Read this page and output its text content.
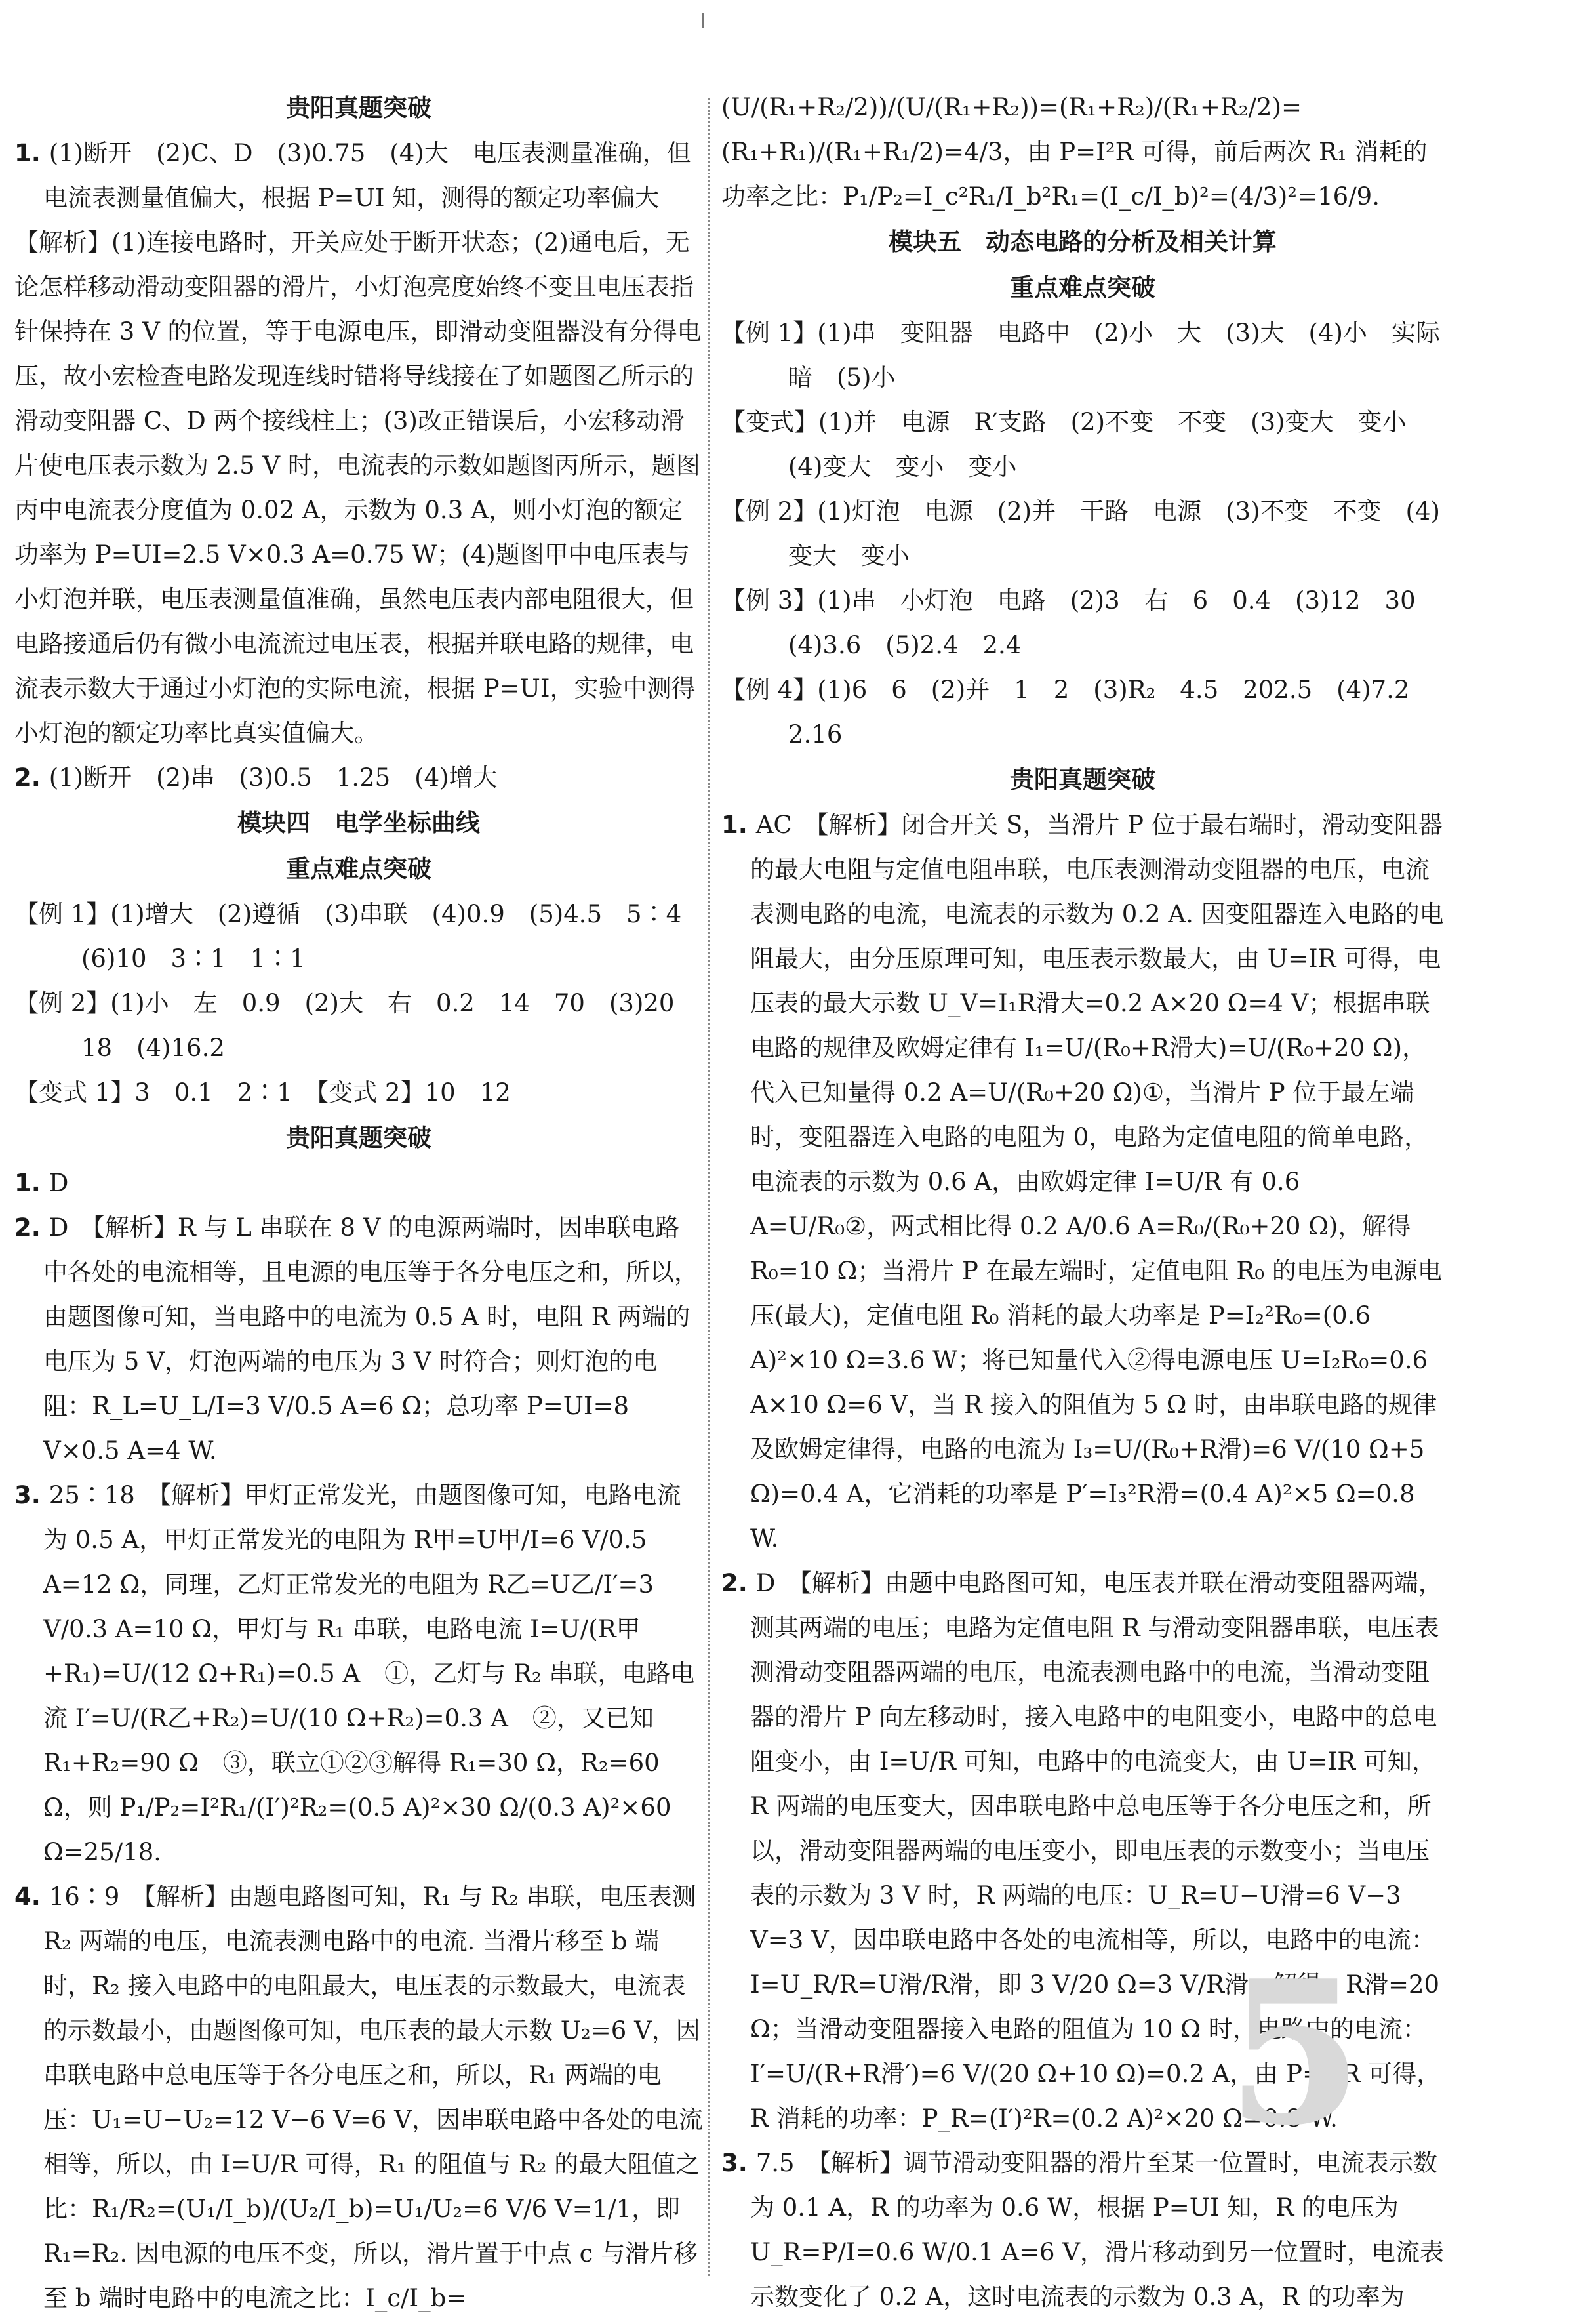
贵阳真题突破

1. (1)断开　(2)C、D　(3)0.75　(4)大　电压表测量准确，但电流表测量值偏大，根据 P=UI 知，测得的额定功率偏大

【解析】(1)连接电路时，开关应处于断开状态；(2)通电后，无论怎样移动滑动变阻器的滑片，小灯泡亮度始终不变且电压表指针保持在 3 V 的位置，等于电源电压，即滑动变阻器没有分得电压，故小宏检查电路发现连线时错将导线接在了如题图乙所示的滑动变阻器 C、D 两个接线柱上；(3)改正错误后，小宏移动滑片使电压表示数为 2.5 V 时，电流表的示数如题图丙所示，题图丙中电流表分度值为 0.02 A，示数为 0.3 A，则小灯泡的额定功率为 P=UI=2.5 V×0.3 A=0.75 W；(4)题图甲中电压表与小灯泡并联，电压表测量值准确，虽然电压表内部电阻很大，但电路接通后仍有微小电流流过电压表，根据并联电路的规律，电流表示数大于通过小灯泡的实际电流，根据 P=UI，实验中测得小灯泡的额定功率比真实值偏大。

2. (1)断开　(2)串　(3)0.5　1.25　(4)增大

模块四　电学坐标曲线
重点难点突破

【例 1】(1)增大　(2)遵循　(3)串联　(4)0.9　(5)4.5　5∶4　(6)10　3∶1　1∶1

【例 2】(1)小　左　0.9　(2)大　右　0.2　14　70　(3)20　18　(4)16.2

【变式 1】3　0.1　2∶1　【变式 2】10　12

贵阳真题突破

1. D

2. D　【解析】R 与 L 串联在 8 V 的电源两端时，因串联电路中各处的电流相等，且电源的电压等于各分电压之和，所以，由题图像可知，当电路中的电流为 0.5 A 时，电阻 R 两端的电压为 5 V，灯泡两端的电压为 3 V 时符合；则灯泡的电阻：R_L=U_L/I=3 V/0.5 A=6 Ω；总功率 P=UI=8 V×0.5 A=4 W.

3. 25∶18　【解析】甲灯正常发光，由题图像可知，电路电流为 0.5 A，甲灯正常发光的电阻为 R甲=U甲/I=6 V/0.5 A=12 Ω，同理，乙灯正常发光的电阻为 R乙=U乙/I′=3 V/0.3 A=10 Ω，甲灯与 R₁ 串联，电路电流 I=U/(R甲+R₁)=U/(12 Ω+R₁)=0.5 A　①，乙灯与 R₂ 串联，电路电流 I′=U/(R乙+R₂)=U/(10 Ω+R₂)=0.3 A　②，又已知 R₁+R₂=90 Ω　③，联立①②③解得 R₁=30 Ω，R₂=60 Ω，则 P₁/P₂=I²R₁/(I′)²R₂=(0.5 A)²×30 Ω/(0.3 A)²×60 Ω=25/18.

4. 16∶9　【解析】由题电路图可知，R₁ 与 R₂ 串联，电压表测 R₂ 两端的电压，电流表测电路中的电流. 当滑片移至 b 端时，R₂ 接入电路中的电阻最大，电压表的示数最大，电流表的示数最小，由题图像可知，电压表的最大示数 U₂=6 V，因串联电路中总电压等于各分电压之和，所以，R₁ 两端的电压：U₁=U−U₂=12 V−6 V=6 V，因串联电路中各处的电流相等，所以，由 I=U/R 可得，R₁ 的阻值与 R₂ 的最大阻值之比：R₁/R₂=(U₁/I_b)/(U₂/I_b)=U₁/U₂=6 V/6 V=1/1，即 R₁=R₂. 因电源的电压不变，所以，滑片置于中点 c 与滑片移至 b 端时电路中的电流之比：I_c/I_b=

(U/(R₁+R₂/2))/(U/(R₁+R₂))=(R₁+R₂)/(R₁+R₂/2)=(R₁+R₁)/(R₁+R₁/2)=4/3，由 P=I²R 可得，前后两次 R₁ 消耗的功率之比：P₁/P₂=I_c²R₁/I_b²R₁=(I_c/I_b)²=(4/3)²=16/9.

模块五　动态电路的分析及相关计算
重点难点突破

【例 1】(1)串　变阻器　电路中　(2)小　大　(3)大　(4)小　实际　暗　(5)小

【变式】(1)并　电源　R′支路　(2)不变　不变　(3)变大　变小　(4)变大　变小　变小

【例 2】(1)灯泡　电源　(2)并　干路　电源　(3)不变　不变　(4)变大　变小

【例 3】(1)串　小灯泡　电路　(2)3　右　6　0.4　(3)12　30　(4)3.6　(5)2.4　2.4

【例 4】(1)6　6　(2)并　1　2　(3)R₂　4.5　202.5　(4)7.2　2.16

贵阳真题突破

1. AC　【解析】闭合开关 S，当滑片 P 位于最右端时，滑动变阻器的最大电阻与定值电阻串联，电压表测滑动变阻器的电压，电流表测电路的电流，电流表的示数为 0.2 A. 因变阻器连入电路的电阻最大，由分压原理可知，电压表示数最大，由 U=IR 可得，电压表的最大示数 U_V=I₁R滑大=0.2 A×20 Ω=4 V；根据串联电路的规律及欧姆定律有 I₁=U/(R₀+R滑大)=U/(R₀+20 Ω)，代入已知量得 0.2 A=U/(R₀+20 Ω)①，当滑片 P 位于最左端时，变阻器连入电路的电阻为 0，电路为定值电阻的简单电路，电流表的示数为 0.6 A，由欧姆定律 I=U/R 有 0.6 A=U/R₀②，两式相比得 0.2 A/0.6 A=R₀/(R₀+20 Ω)，解得 R₀=10 Ω；当滑片 P 在最左端时，定值电阻 R₀ 的电压为电源电压(最大)，定值电阻 R₀ 消耗的最大功率是 P=I₂²R₀=(0.6 A)²×10 Ω=3.6 W；将已知量代入②得电源电压 U=I₂R₀=0.6 A×10 Ω=6 V，当 R 接入的阻值为 5 Ω 时，由串联电路的规律及欧姆定律得，电路的电流为 I₃=U/(R₀+R滑)=6 V/(10 Ω+5 Ω)=0.4 A，它消耗的功率是 P′=I₃²R滑=(0.4 A)²×5 Ω=0.8 W.

2. D　【解析】由题中电路图可知，电压表并联在滑动变阻器两端，测其两端的电压；电路为定值电阻 R 与滑动变阻器串联，电压表测滑动变阻器两端的电压，电流表测电路中的电流，当滑动变阻器的滑片 P 向左移动时，接入电路中的电阻变小，电路中的总电阻变小，由 I=U/R 可知，电路中的电流变大，由 U=IR 可知，R 两端的电压变大，因串联电路中总电压等于各分电压之和，所以，滑动变阻器两端的电压变小，即电压表的示数变小；当电压表的示数为 3 V 时，R 两端的电压：U_R=U−U滑=6 V−3 V=3 V，因串联电路中各处的电流相等，所以，电路中的电流：I=U_R/R=U滑/R滑，即 3 V/20 Ω=3 V/R滑，解得：R滑=20 Ω；当滑动变阻器接入电路的阻值为 10 Ω 时，电路中的电流：I′=U/(R+R滑′)=6 V/(20 Ω+10 Ω)=0.2 A，由 P=I²R 可得，R 消耗的功率：P_R=(I′)²R=(0.2 A)²×20 Ω=0.8 W.

3. 7.5　【解析】调节滑动变阻器的滑片至某一位置时，电流表示数为 0.1 A，R 的功率为 0.6 W，根据 P=UI 知，R 的电压为 U_R=P/I=0.6 W/0.1 A=6 V，滑片移动到另一位置时，电流表示数变化了 0.2 A，这时电流表的示数为 0.3 A，R 的功率为

5
